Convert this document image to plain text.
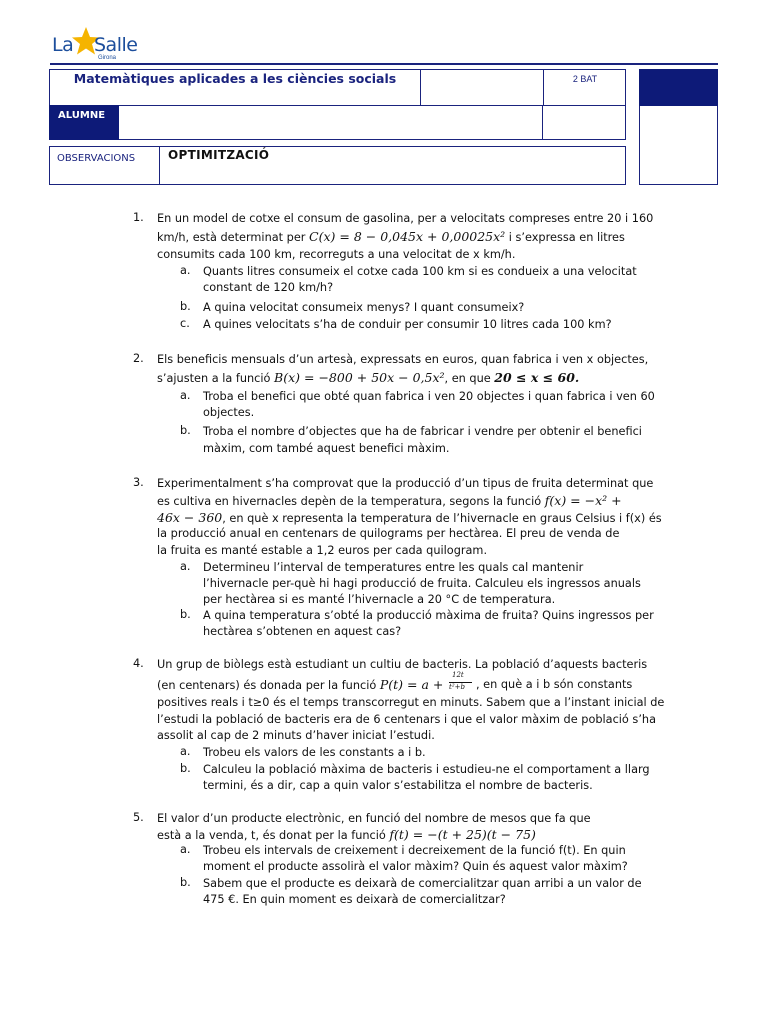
La Salle
Girona
Matemàtiques aplicades a les ciències socials	2 BAT
ALUMNE
OBSERVACIONS	OPTIMITZACIÓ
1. En un model de cotxe el consum de gasolina, per a velocitats compreses entre 20 i 160
km/h, està determinat per C(x) = 8 − 0,045x + 0,00025x² i s’expressa en litres
consumits cada 100 km, recorreguts a una velocitat de x km/h.
a. Quants litres consumeix el cotxe cada 100 km si es condueix a una velocitat
constant de 120 km/h?
b. A quina velocitat consumeix menys? I quant consumeix?
c. A quines velocitats s’ha de conduir per consumir 10 litres cada 100 km?
2. Els beneficis mensuals d’un artesà, expressats en euros, quan fabrica i ven x objectes,
s’ajusten a la funció B(x) = −800 + 50x − 0,5x², en que 20 ≤ x ≤ 60.
a. Troba el benefici que obté quan fabrica i ven 20 objectes i quan fabrica i ven 60
objectes.
b. Troba el nombre d’objectes que ha de fabricar i vendre per obtenir el benefici
màxim, com també aquest benefici màxim.
3. Experimentalment s’ha comprovat que la producció d’un tipus de fruita determinat que
es cultiva en hivernacles depèn de la temperatura, segons la funció f(x) = −x² +
46x − 360, en què x representa la temperatura de l’hivernacle en graus Celsius i f(x) és
la producció anual en centenars de quilograms per hectàrea. El preu de venda de
la fruita es manté estable a 1,2 euros per cada quilogram.
a. Determineu l’interval de temperatures entre les quals cal mantenir
l’hivernacle per-què hi hagi producció de fruita. Calculeu els ingressos anuals
per hectàrea si es manté l’hivernacle a 20 °C de temperatura.
b. A quina temperatura s’obté la producció màxima de fruita? Quins ingressos per
hectàrea s’obtenen en aquest cas?
4. Un grup de biòlegs està estudiant un cultiu de bacteris. La població d’aquests bacteris
(en centenars) és donada per la funció P(t) = a +
12t
t²+b , en què a i b són constants
positives reals i t≥0 és el temps transcorregut en minuts. Sabem que a l’instant inicial de
l’estudi la població de bacteris era de 6 centenars i que el valor màxim de població s’ha
assolit al cap de 2 minuts d’haver iniciat l’estudi.
a. Trobeu els valors de les constants a i b.
b. Calculeu la població màxima de bacteris i estudieu-ne el comportament a llarg
termini, és a dir, cap a quin valor s’estabilitza el nombre de bacteris.
5. El valor d’un producte electrònic, en funció del nombre de mesos que fa que
està a la venda, t, és donat per la funció f(t) = −(t + 25)(t − 75)
a. Trobeu els intervals de creixement i decreixement de la funció f(t). En quin
moment el producte assolirà el valor màxim? Quin és aquest valor màxim?
b. Sabem que el producte es deixarà de comercialitzar quan arribi a un valor de
475 €. En quin moment es deixarà de comercialitzar?
